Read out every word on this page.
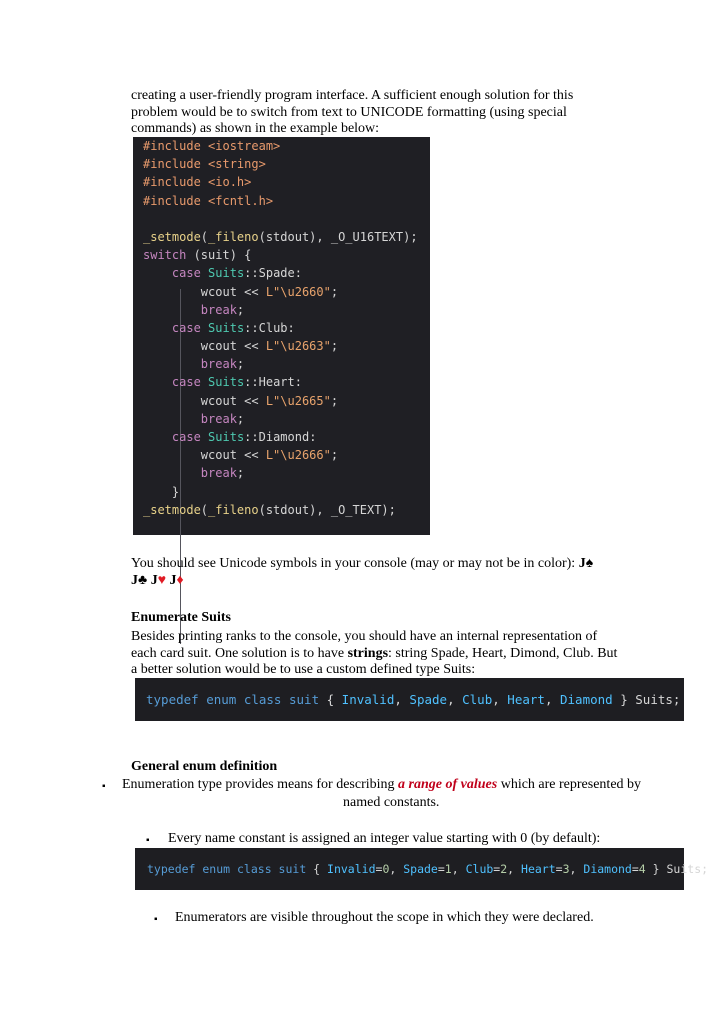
creating a user-friendly program interface. A sufficient enough solution for this
problem would be to switch from text to UNICODE formatting (using special
commands) as shown in the example below:
#include <iostream>
#include <string>
#include <io.h>
#include <fcntl.h>
_setmode(_fileno(stdout), _O_U16TEXT);
switch (suit) {
case Suits::Spade:
wcout << L"\u2660";
break;
case Suits::Club:
wcout << L"\u2663";
break;
case Suits::Heart:
wcout << L"\u2665";
break;
case Suits::Diamond:
wcout << L"\u2666";
break;
}
_setmode(_fileno(stdout), _O_TEXT);
You should see Unicode symbols in your console (may or may not be in color): J♠
J♣ J♥ J♦
Enumerate Suits
Besides printing ranks to the console, you should have an internal representation of
each card suit. One solution is to have strings: string Spade, Heart, Dimond, Club. But
a better solution would be to use a custom defined type Suits:
typedef enum class suit { Invalid, Spade, Club, Heart, Diamond } Suits;
General enum definition
▪ Enumeration type provides means for describing a range of values which are represented by
named constants.
▪ Every name constant is assigned an integer value starting with 0 (by default):
typedef enum class suit { Invalid=0, Spade=1, Club=2, Heart=3, Diamond=4 } Suits;
▪ Enumerators are visible throughout the scope in which they were declared.
